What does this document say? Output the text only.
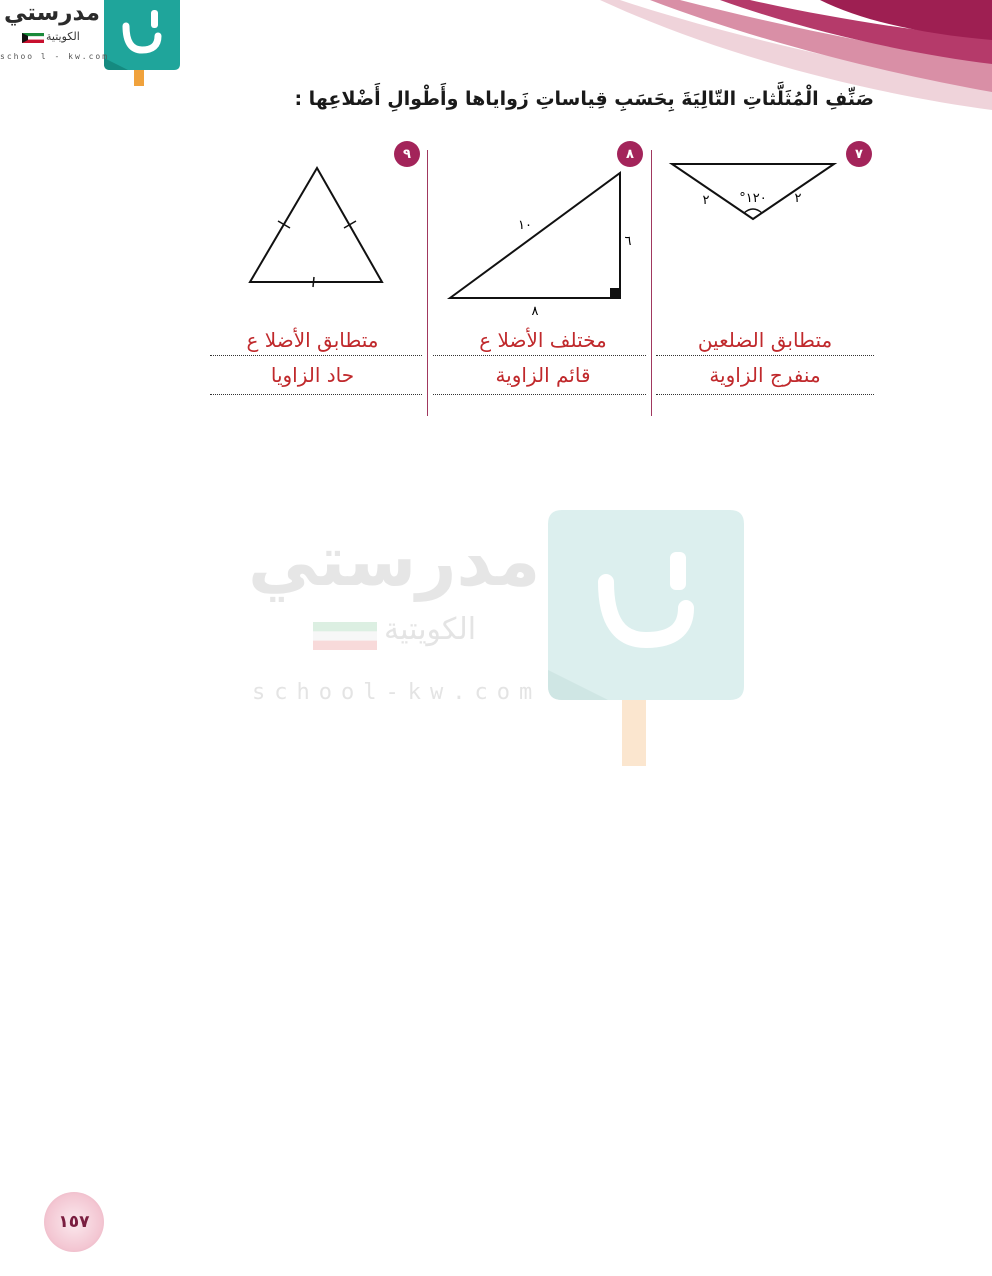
مدرستي
الكويتية
schoo l - kw.com
صَنِّفِ الْمُثَلَّثاتِ التّالِيَةَ بِحَسَبِ قِياساتِ زَواياها وأَطْوالِ أَضْلاعِها :
٧
٨
٩
٢	٢
°١٢٠
١٠
٦
٨
متطابق الضلعين
منفرج الزاوية
مختلف الأضلا ع
قائم الزاوية
متطابق الأضلا ع
حاد الزاويا
مدرستي
الكويتية
school-kw.com
١٥٧
